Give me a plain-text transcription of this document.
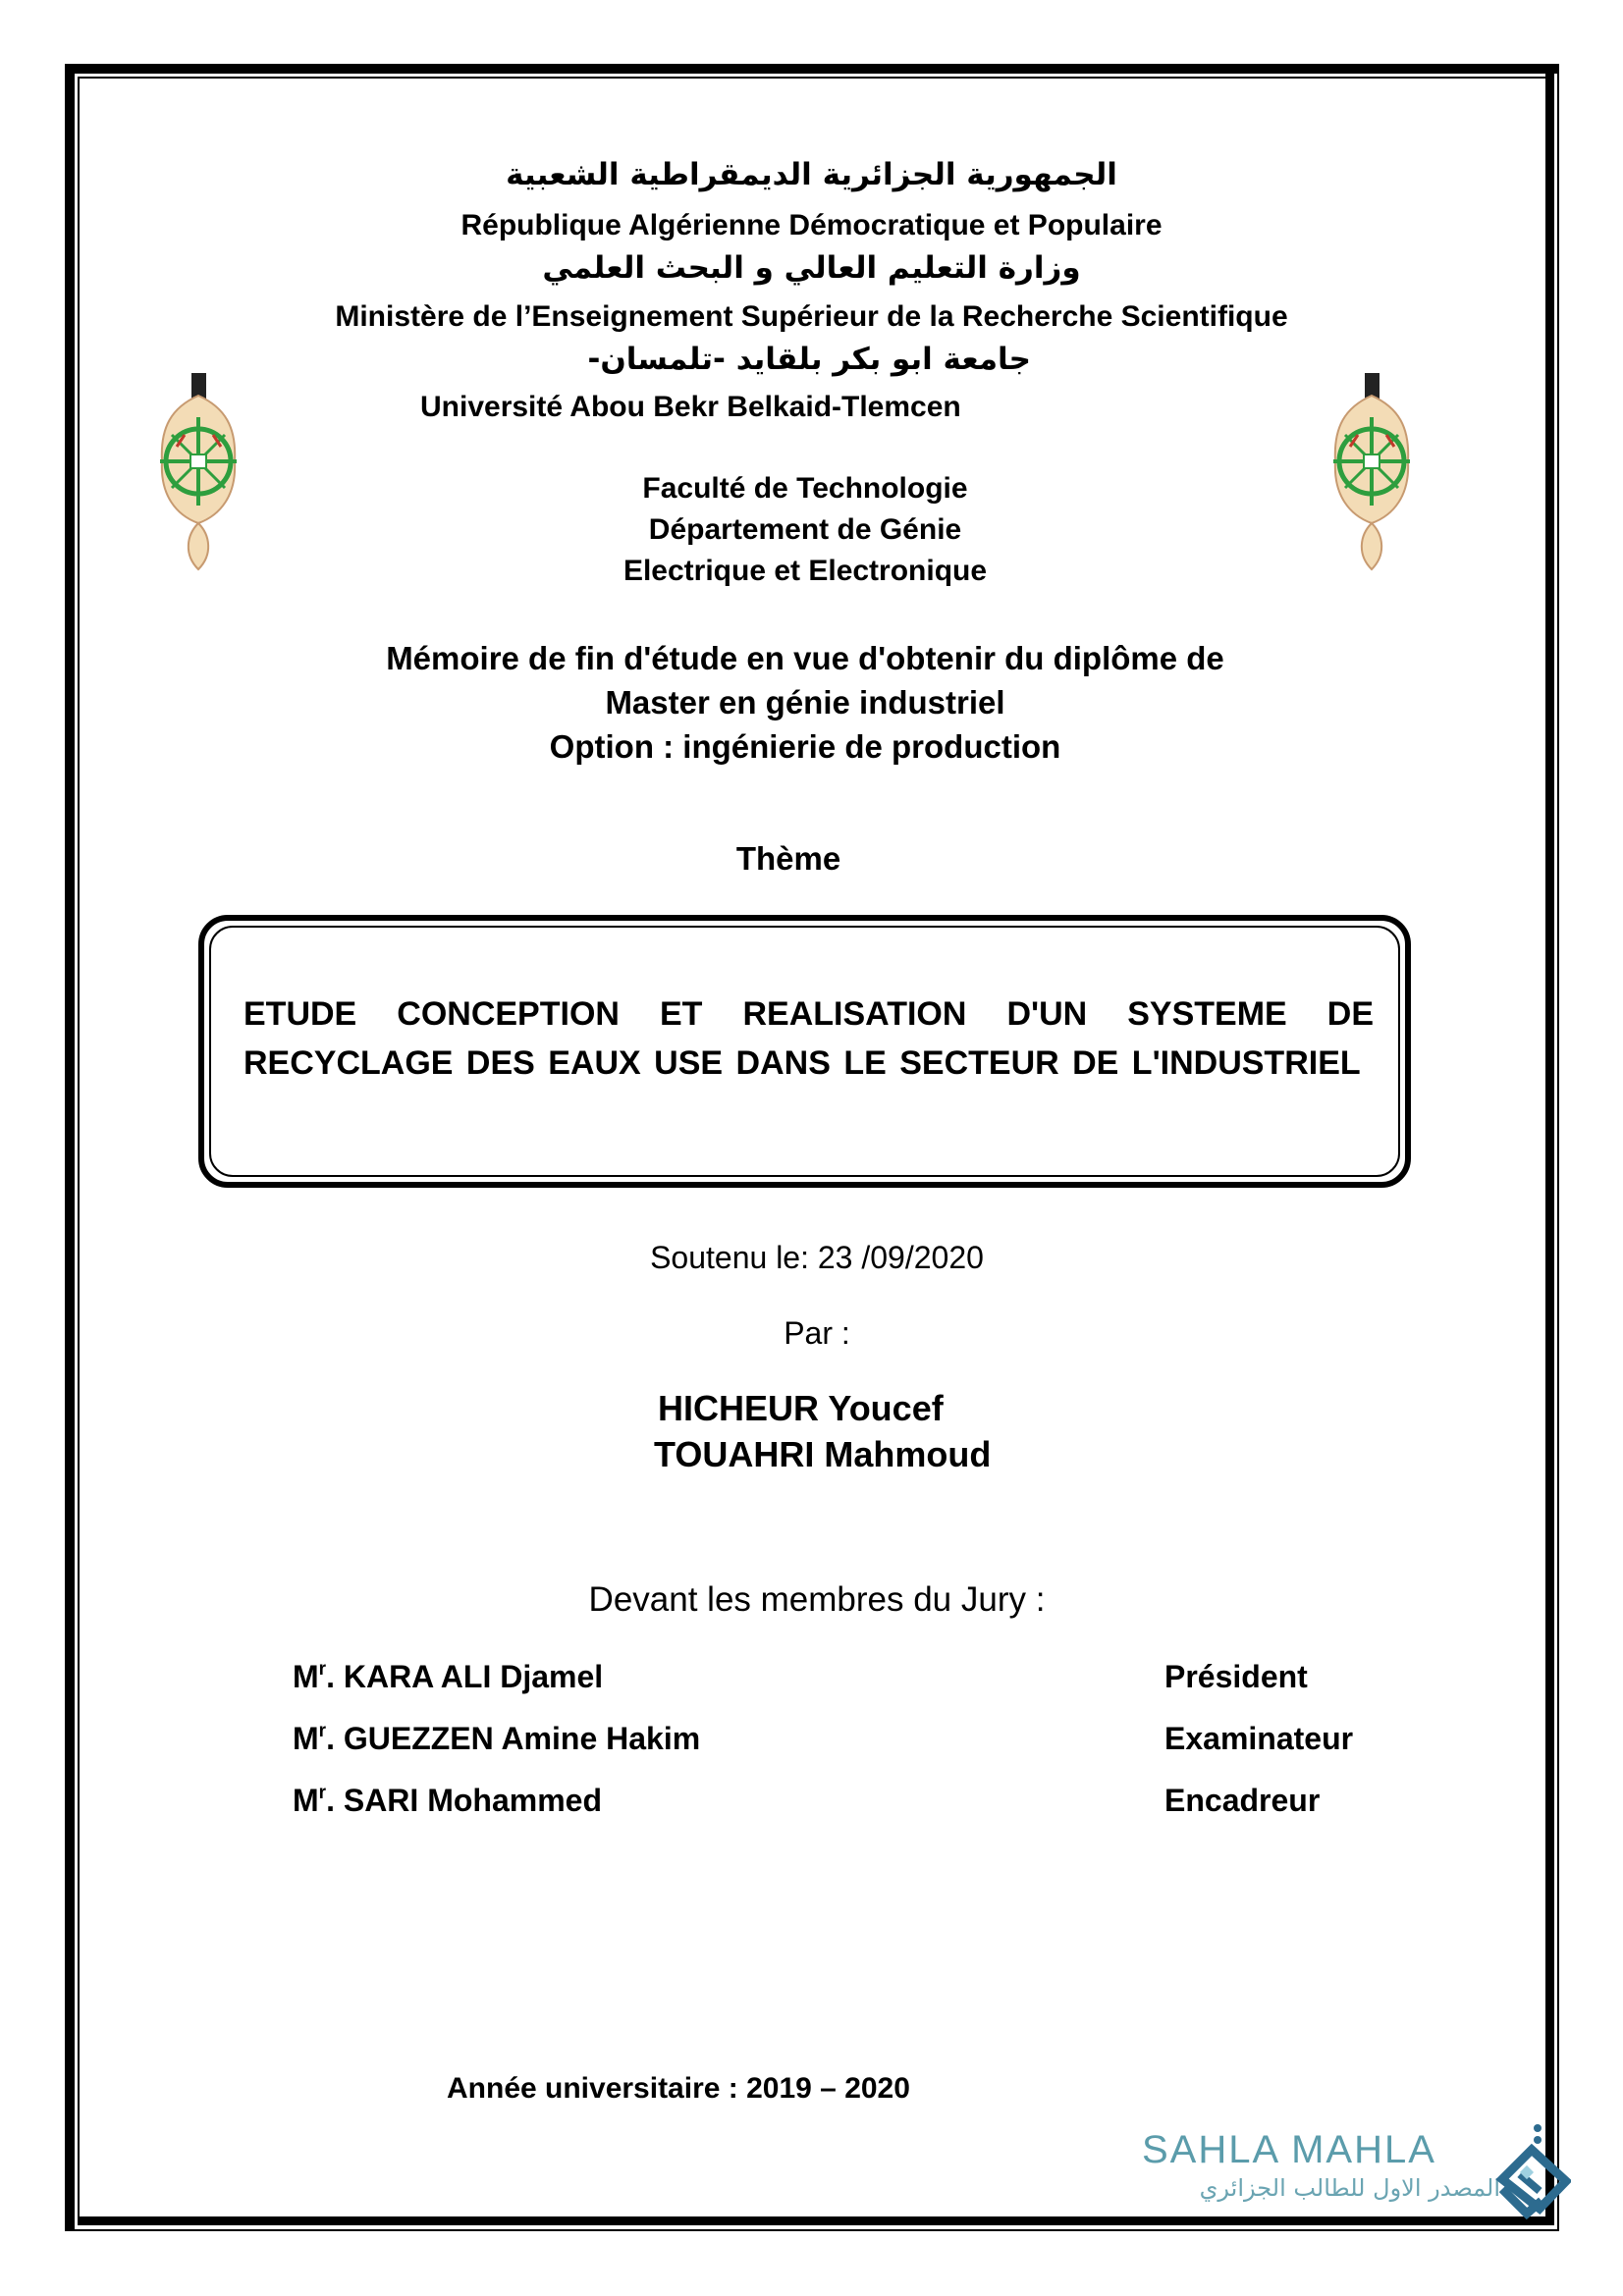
الجمهورية الجزائرية الديمقراطية الشعبية
République Algérienne Démocratique et Populaire
وزارة التعليم العالي و البحث العلمي
Ministère de l’Enseignement Supérieur de la Recherche Scientifique
جامعة ابو بكر بلقايد -تلمسان-
Université Abou Bekr Belkaid-Tlemcen
Faculté de Technologie
Département de Génie
Electrique et Electronique
Mémoire de fin d'étude en vue d'obtenir du diplôme de
Master en génie industriel
Option : ingénierie de production
Thème
ETUDE CONCEPTION ET REALISATION D'UN SYSTEME DE RECYCLAGE DES EAUX USE DANS LE SECTEUR DE L'INDUSTRIEL
Soutenu le: 23 /09/2020
Par :
HICHEUR Youcef
TOUAHRI Mahmoud
Devant les membres du Jury :
$M^r$. KARA ALI Djamel	Président
$M^r$. GUEZZEN Amine Hakim	Examinateur
$M^r$. SARI Mohammed	Encadreur
Année universitaire : 2019 – 2020
SAHLA MAHLA
المصدر الاول للطالب الجزائري
